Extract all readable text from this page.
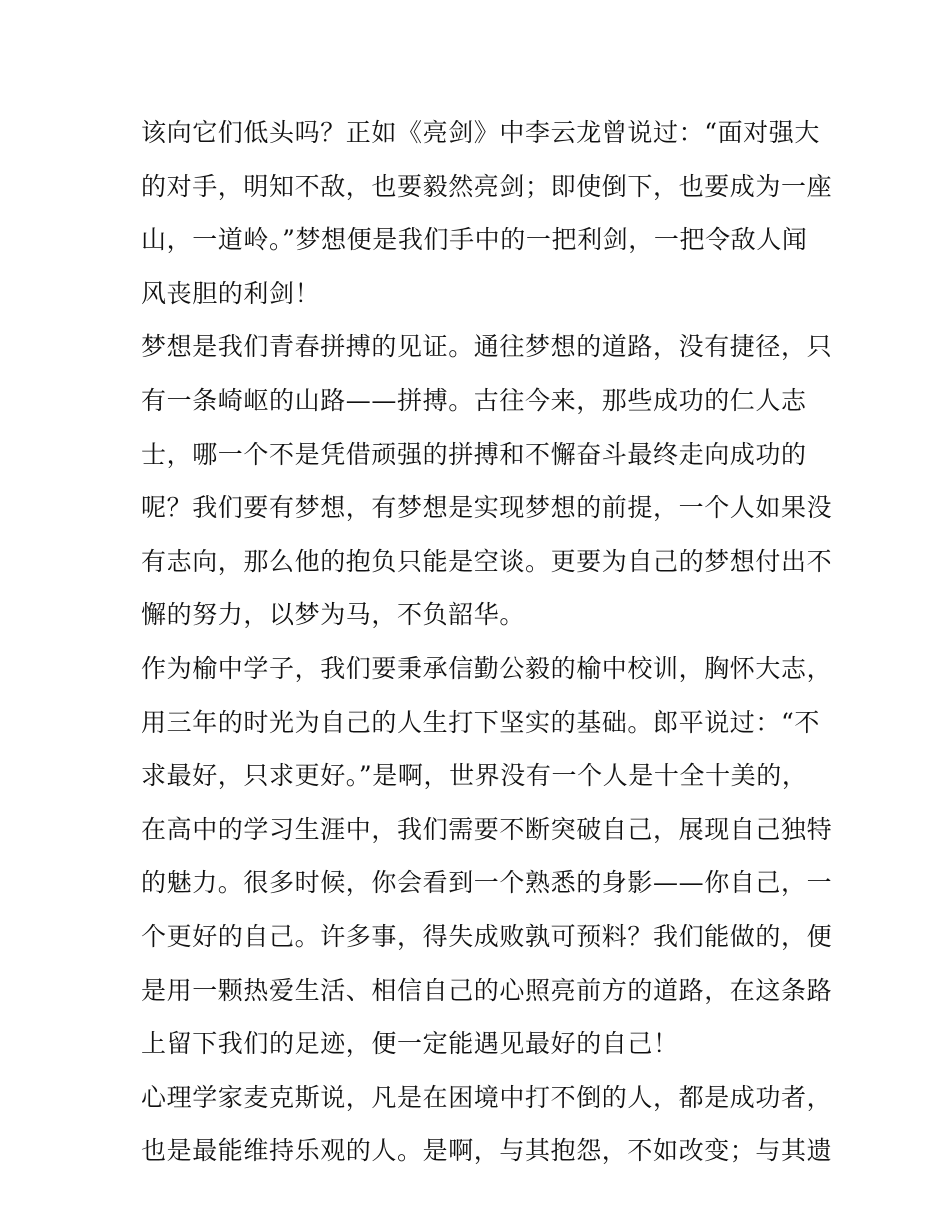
该向它们低头吗？正如《亮剑》中李云龙曾说过：“面对强大
的对手，明知不敌，也要毅然亮剑；即使倒下，也要成为一座
山，一道岭。”梦想便是我们手中的一把利剑，一把令敌人闻
风丧胆的利剑！
梦想是我们青春拼搏的见证。通往梦想的道路，没有捷径，只
有一条崎岖的山路——拼搏。古往今来，那些成功的仁人志
士，哪一个不是凭借顽强的拼搏和不懈奋斗最终走向成功的
呢？我们要有梦想，有梦想是实现梦想的前提，一个人如果没
有志向，那么他的抱负只能是空谈。更要为自己的梦想付出不
懈的努力，以梦为马，不负韶华。
作为榆中学子，我们要秉承信勤公毅的榆中校训，胸怀大志，
用三年的时光为自己的人生打下坚实的基础。郎平说过：“不
求最好，只求更好。”是啊，世界没有一个人是十全十美的，
在高中的学习生涯中，我们需要不断突破自己，展现自己独特
的魅力。很多时候，你会看到一个熟悉的身影——你自己，一
个更好的自己。许多事，得失成败孰可预料？我们能做的，便
是用一颗热爱生活、相信自己的心照亮前方的道路，在这条路
上留下我们的足迹，便一定能遇见最好的自己！
心理学家麦克斯说，凡是在困境中打不倒的人，都是成功者，
也是最能维持乐观的人。是啊，与其抱怨，不如改变；与其遗
